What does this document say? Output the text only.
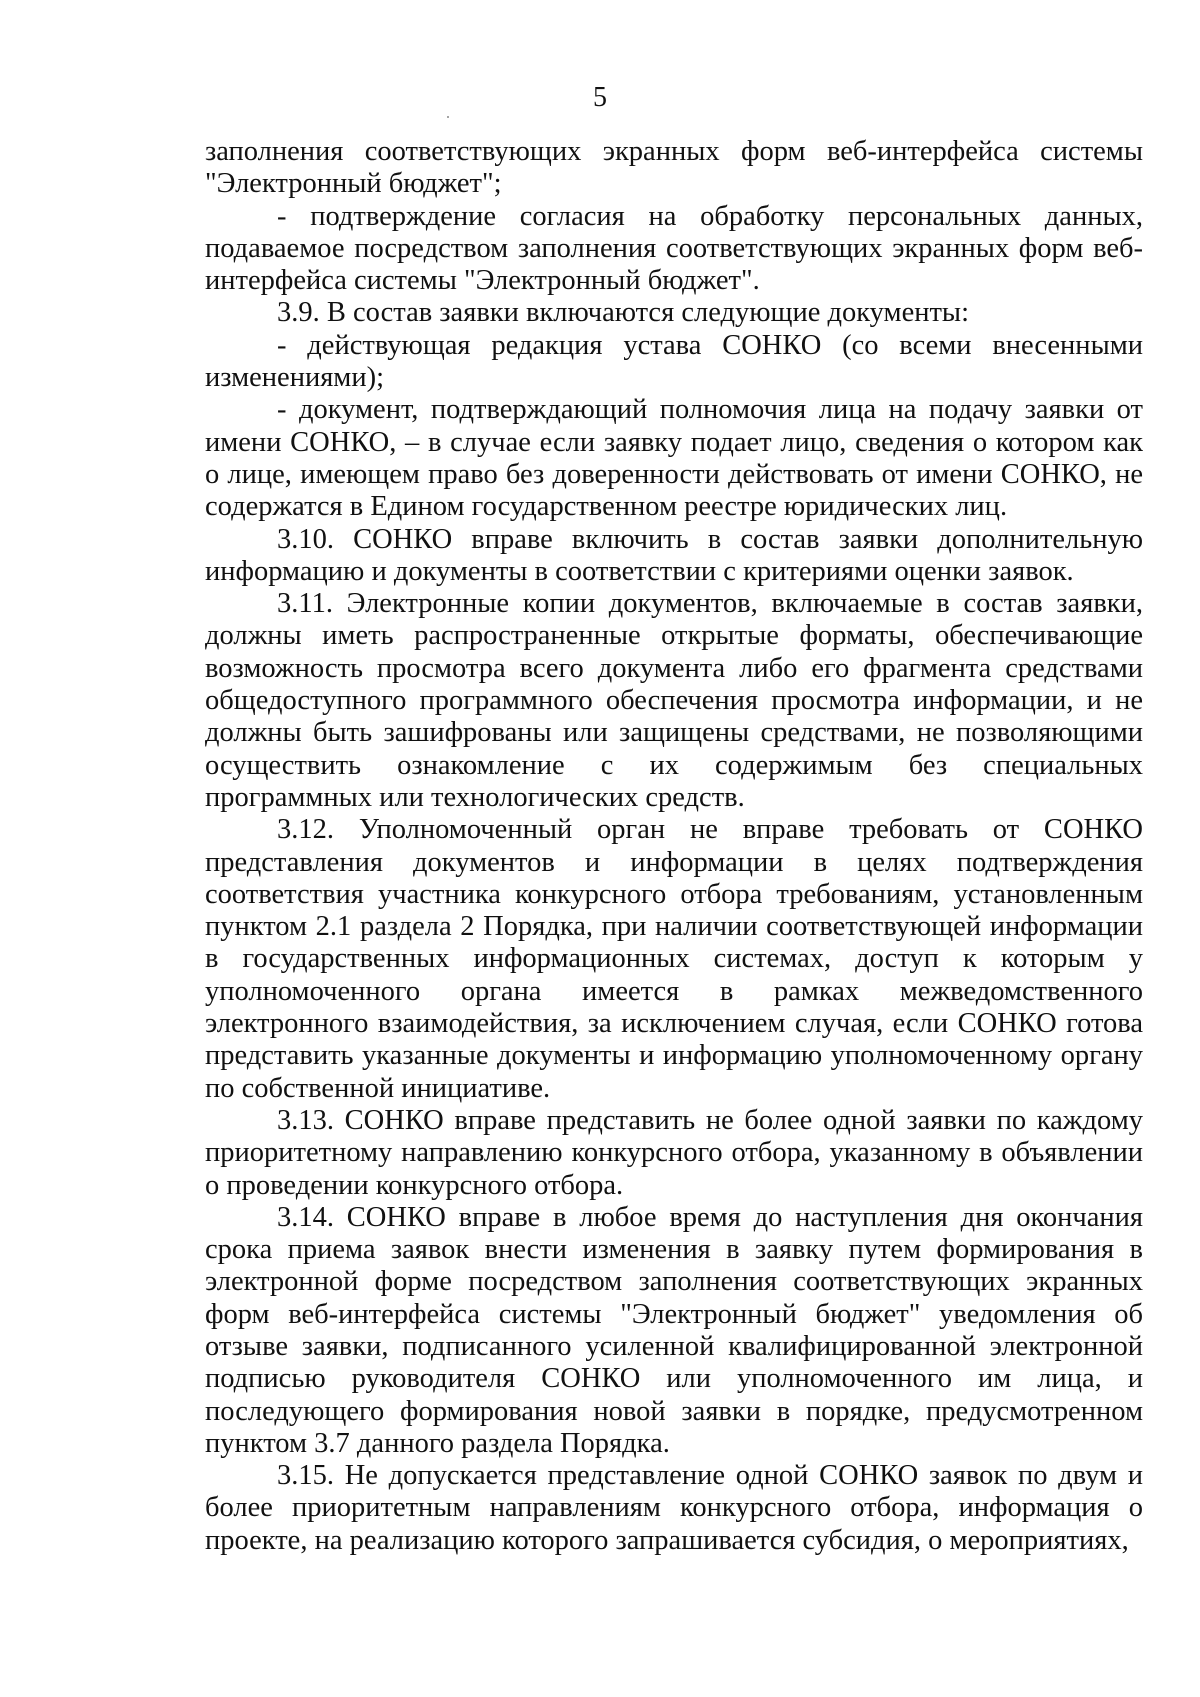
5

заполнения соответствующих экранных форм веб-интерфейса системы "Электронный бюджет";

- подтверждение согласия на обработку персональных данных, подаваемое посредством заполнения соответствующих экранных форм веб-интерфейса системы "Электронный бюджет".

3.9. В состав заявки включаются следующие документы:

- действующая редакция устава СОНКО (со всеми внесенными изменениями);

- документ, подтверждающий полномочия лица на подачу заявки от имени СОНКО, – в случае если заявку подает лицо, сведения о котором как о лице, имеющем право без доверенности действовать от имени СОНКО, не содержатся в Едином государственном реестре юридических лиц.

3.10. СОНКО вправе включить в состав заявки дополнительную информацию и документы в соответствии с критериями оценки заявок.

3.11. Электронные копии документов, включаемые в состав заявки, должны иметь распространенные открытые форматы, обеспечивающие возможность просмотра всего документа либо его фрагмента средствами общедоступного программного обеспечения просмотра информации, и не должны быть зашифрованы или защищены средствами, не позволяющими осуществить ознакомление с их содержимым без специальных программных или технологических средств.

3.12. Уполномоченный орган не вправе требовать от СОНКО представления документов и информации в целях подтверждения соответствия участника конкурсного отбора требованиям, установленным пунктом 2.1 раздела 2 Порядка, при наличии соответствующей информации в государственных информационных системах, доступ к которым у уполномоченного органа имеется в рамках межведомственного электронного взаимодействия, за исключением случая, если СОНКО готова представить указанные документы и информацию уполномоченному органу по собственной инициативе.

3.13. СОНКО вправе представить не более одной заявки по каждому приоритетному направлению конкурсного отбора, указанному в объявлении о проведении конкурсного отбора.

3.14. СОНКО вправе в любое время до наступления дня окончания срока приема заявок внести изменения в заявку путем формирования в электронной форме посредством заполнения соответствующих экранных форм веб-интерфейса системы "Электронный бюджет" уведомления об отзыве заявки, подписанного усиленной квалифицированной электронной подписью руководителя СОНКО или уполномоченного им лица, и последующего формирования новой заявки в порядке, предусмотренном пунктом 3.7 данного раздела Порядка.

3.15. Не допускается представление одной СОНКО заявок по двум и более приоритетным направлениям конкурсного отбора, информация о проекте, на реализацию которого запрашивается субсидия, о мероприятиях,
